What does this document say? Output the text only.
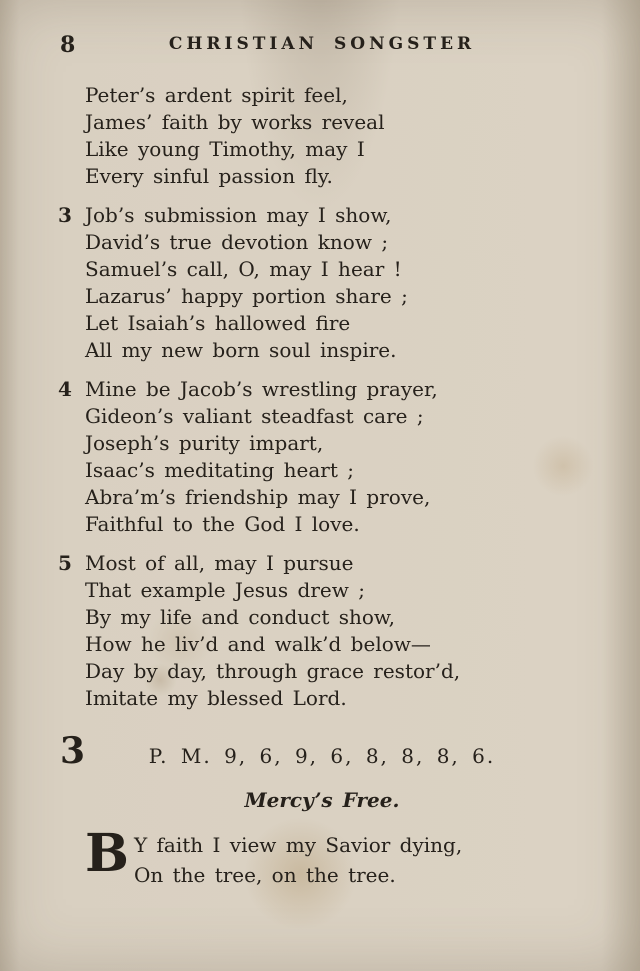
8	CHRISTIAN SONGSTER
Peter’s ardent spirit feel,
James’ faith by works reveal
Like young Timothy, may I
Every sinful passion fly.
3 Job’s submission may I show,
David’s true devotion know ;
Samuel’s call, O, may I hear !
Lazarus’ happy portion share ;
Let Isaiah’s hallowed fire
All my new born soul inspire.
4 Mine be Jacob’s wrestling prayer,
Gideon’s valiant steadfast care ;
Joseph’s purity impart,
Isaac’s meditating heart ;
Abra’m’s friendship may I prove,
Faithful to the God I love.
5 Most of all, may I pursue
That example Jesus drew ;
By my life and conduct show,
How he liv’d and walk’d below—
Day by day, through grace restor’d,
Imitate my blessed Lord.
3	P. M. 9, 6, 9, 6, 8, 8, 8, 6.
Mercy’s Free.
B Y faith I view my Savior dying,
On the tree, on the tree.
